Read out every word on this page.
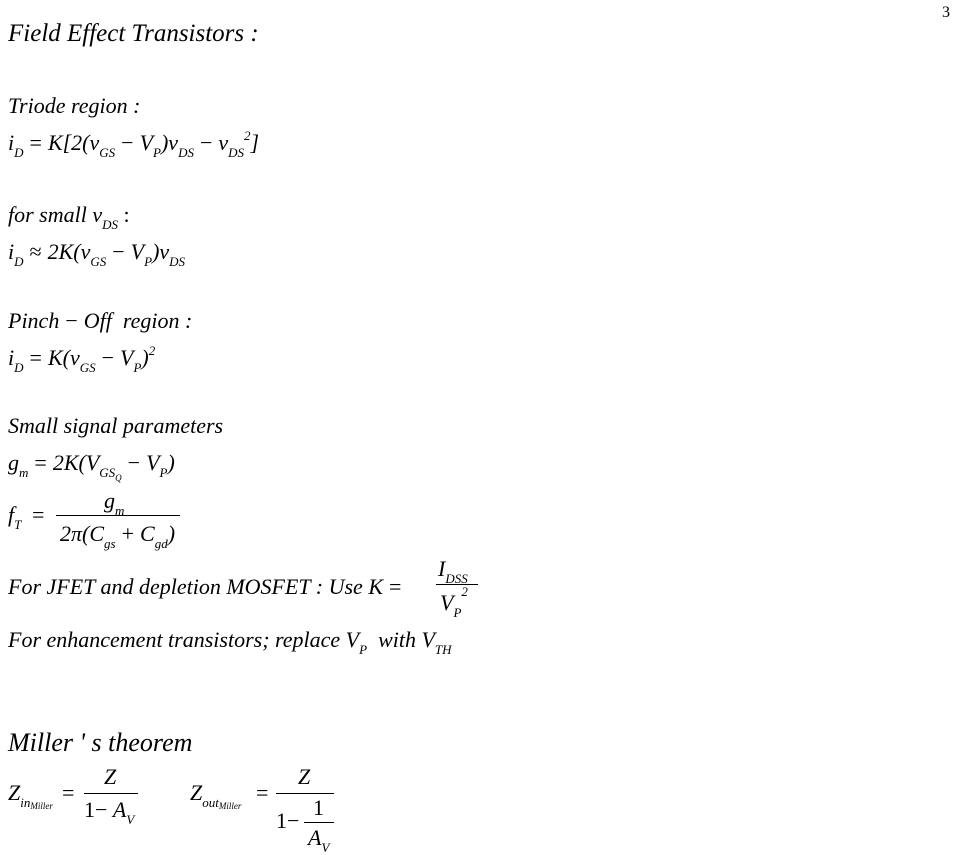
3
Field Effect Transistors :
Triode region :
$i_D = K[2(v_{GS} - V_P)v_{DS} - v_{DS}^2]$
for small $v_{DS}$ :
$i_D \approx 2K(v_{GS} - V_P)v_{DS}$
Pinch − Off region :
$i_D = K(v_{GS} - V_P)^2$
Small signal parameters
$g_m = 2K(V_{GSQ}- V_P)$
$f_T$ =
$g_m$
$2\pi(C_{gs} + C_{gd})$
For JFET and depletion MOSFET : Use K =
$I_{DSS}$
$V_P^2$
For enhancement transistors; replace $V_P$ with $V_{TH}$
Miller ' s theorem
$Z_{inMiller}$
=
Z
$1- A_V$
$Z_{outMiller}$
=
Z
1−
1
$A_V$
